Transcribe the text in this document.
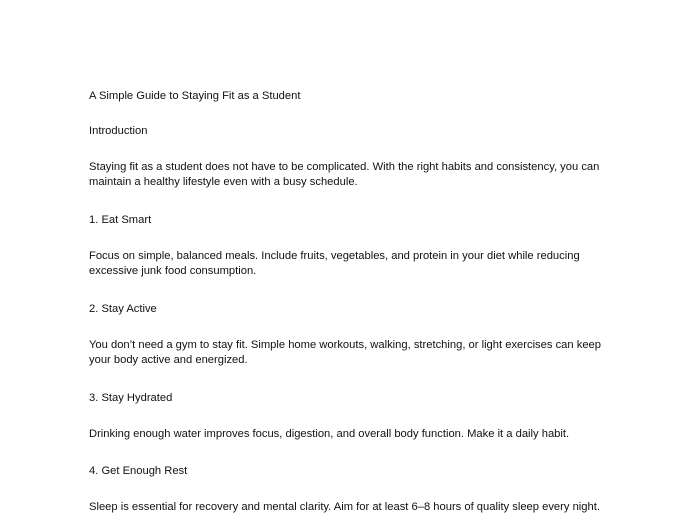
A Simple Guide to Staying Fit as a Student

Introduction

Staying fit as a student does not have to be complicated. With the right habits and consistency, you can maintain a healthy lifestyle even with a busy schedule.

1. Eat Smart

Focus on simple, balanced meals. Include fruits, vegetables, and protein in your diet while reducing excessive junk food consumption.

2. Stay Active

You don’t need a gym to stay fit. Simple home workouts, walking, stretching, or light exercises can keep your body active and energized.

3. Stay Hydrated

Drinking enough water improves focus, digestion, and overall body function. Make it a daily habit.

4. Get Enough Rest

Sleep is essential for recovery and mental clarity. Aim for at least 6–8 hours of quality sleep every night.
